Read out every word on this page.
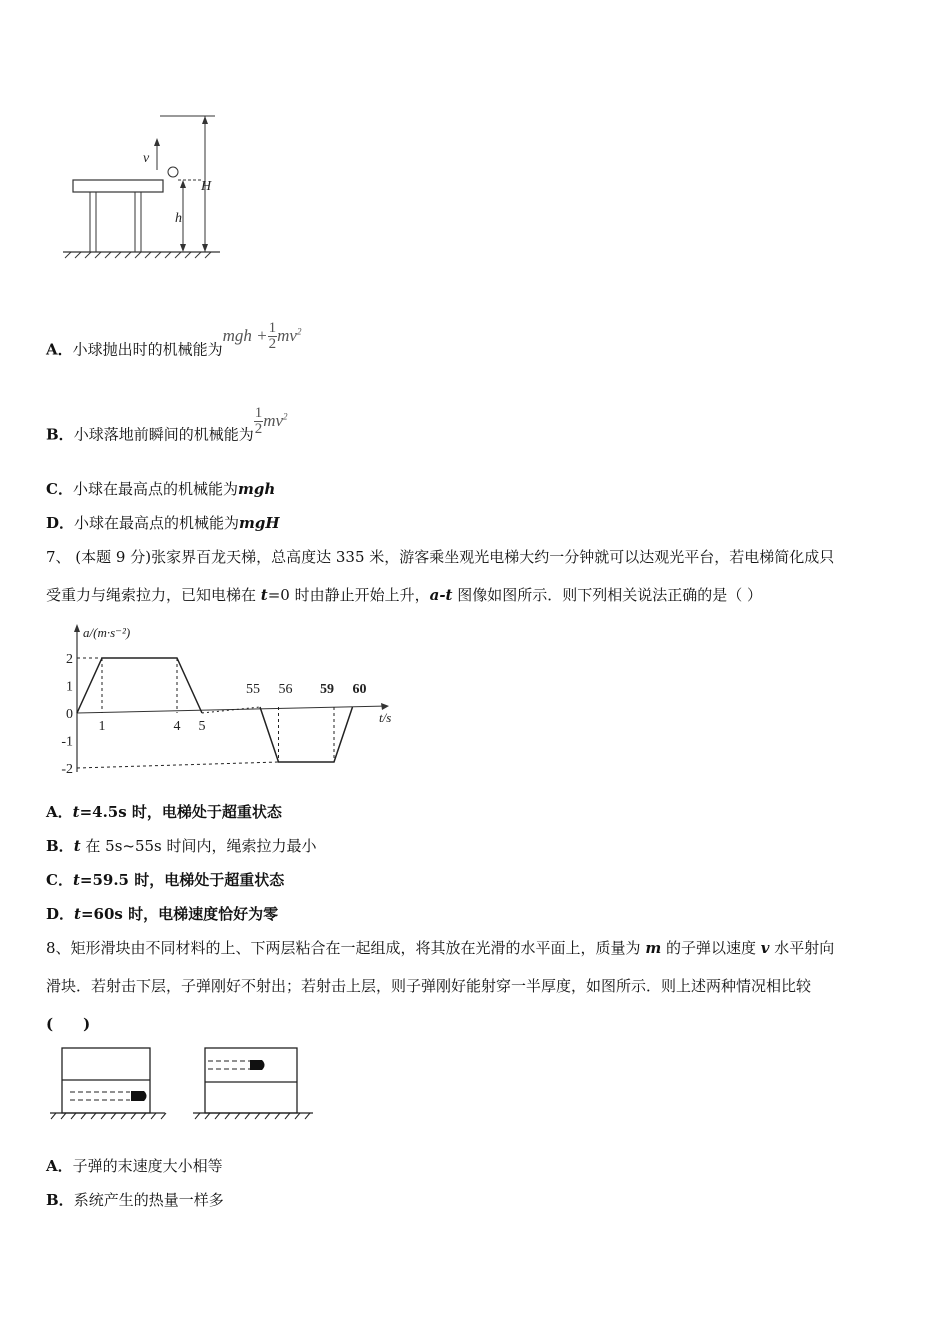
v
H
h
A．小球抛出时的机械能为mgh + $\frac{1}{2} mv^2$
B．小球落地前瞬间的机械能为 $\frac{1}{2} mv^2$
C．小球在最高点的机械能为mgh
D．小球在最高点的机械能为mgH
7、 (本题 9 分)张家界百龙天梯，总高度达 335 米，游客乘坐观光电梯大约一分钟就可以达观光平台，若电梯简化成只
受重力与绳索拉力，已知电梯在 t=0 时由静止开始上升，a-t 图像如图所示．则下列相关说法正确的是（ ）
a/(m·s⁻²)
t/s
2
1
0
-1
-2
1	4 5
55 56 59 60
A．t=4.5s 时，电梯处于超重状态
B．t 在 5s~55s 时间内，绳索拉力最小
C．t=59.5 时，电梯处于超重状态
D．t=60s 时，电梯速度恰好为零
8、矩形滑块由不同材料的上、下两层粘合在一起组成，将其放在光滑的水平面上，质量为 m 的子弹以速度 v 水平射向
滑块．若射击下层，子弹刚好不射出；若射击上层，则子弹刚好能射穿一半厚度，如图所示．则上述两种情况相比较
(　　)
A．子弹的末速度大小相等
B．系统产生的热量一样多
